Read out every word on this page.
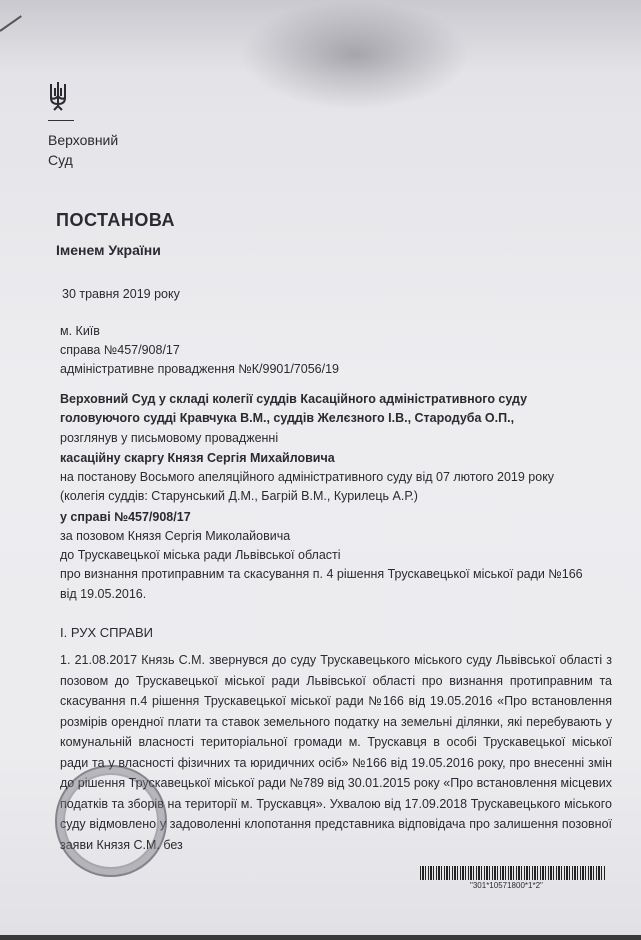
Верховний
Суд
ПОСТАНОВА
Іменем України
30 травня 2019 року
м. Київ
справа №457/908/17
адміністративне провадження №К/9901/7056/19
Верховний Суд у складі колегії суддів Касаційного адміністративного суду
головуючого судді Кравчука В.М., суддів Желєзного І.В., Стародуба О.П.,
розглянув у письмовому провадженні
касаційну скаргу Князя Сергія Михайловича
на постанову Восьмого апеляційного адміністративного суду від 07 лютого 2019 року
(колегія суддів: Старунський Д.М., Багрій В.М., Курилець А.Р.)
у справі №457/908/17
за позовом Князя Сергія Миколайовича
до Трускавецької міська ради Львівської області
про визнання протиправним та скасування п. 4 рішення Трускавецької міської ради №166
від 19.05.2016.
I. РУХ СПРАВИ
1. 21.08.2017 Князь С.М. звернувся до суду Трускавецького міського суду Львівської області з позовом до Трускавецької міської ради Львівської області про визнання протиправним та скасування п.4 рішення Трускавецької міської ради №166 від 19.05.2016 «Про встановлення розмірів орендної плати та ставок земельного податку на земельні ділянки, які перебувають у комунальній власності територіальної громади м. Трускавця в особі Трускавецької міської ради та у власності фізичних та юридичних осіб» №166 від 19.05.2016 року, про внесенні змін до рішення Трускавецької міської ради №789 від 30.01.2015 року «Про встановлення місцевих податків та зборів на території м. Трускавця». Ухвалою від 17.09.2018 Трускавецького міського суду відмовлено у задоволенні клопотання представника відповідача про залишення позовної заяви Князя С.М. без
"301*10571800*1*2"
